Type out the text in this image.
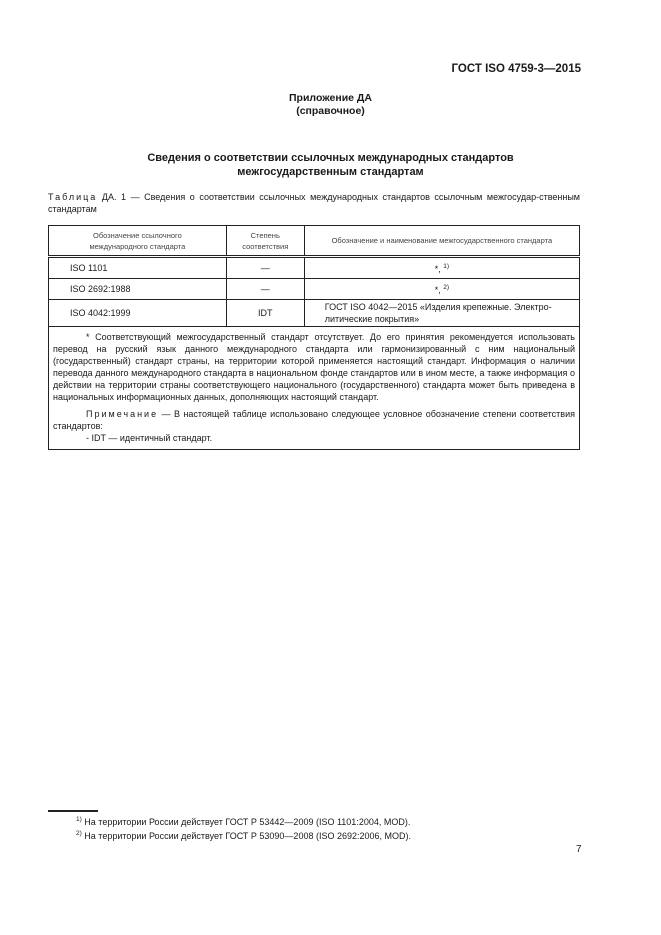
ГОСТ ISO 4759-3—2015
Приложение ДА
(справочное)
Сведения о соответствии ссылочных международных стандартов
межгосударственным стандартам
Таблица ДА. 1 — Сведения о соответствии ссылочных международных стандартов ссылочным межгосудар-ственным стандартам
Обозначение ссылочного международного стандарта	Степень соответствия	Обозначение и наименование межгосударственного стандарта
ISO 1101	—	*, $^{1)}$
ISO 2692:1988	—	*, $^{2)}$
ISO 4042:1999	IDT	ГОСТ ISO 4042—2015 «Изделия крепежные. Электро-
литические покрытия»

* Соответствующий межгосударственный стандарт отсутствует. До его принятия рекомендуется использовать перевод на русский язык данного международного стандарта или гармонизированный с ним национальный (государственный) стандарт страны, на территории которой применяется настоящий стандарт. Информация о наличии перевода данного международного стандарта в национальном фонде стандартов или в ином месте, а также информация о действии на территории страны соответствующего национального (государственного) стандарта может быть приведена в национальных информационных данных, дополняющих настоящий стандарт.

Примечание — В настоящей таблице использовано следующее условное обозначение степени соответствия стандартов:

- IDT — идентичный стандарт.		

$^{1)}$ На территории России действует ГОСТ Р 53442—2009 (ISO 1101:2004, MOD).
$^{2)}$ На территории России действует ГОСТ Р 53090—2008 (ISO 2692:2006, MOD).
7
